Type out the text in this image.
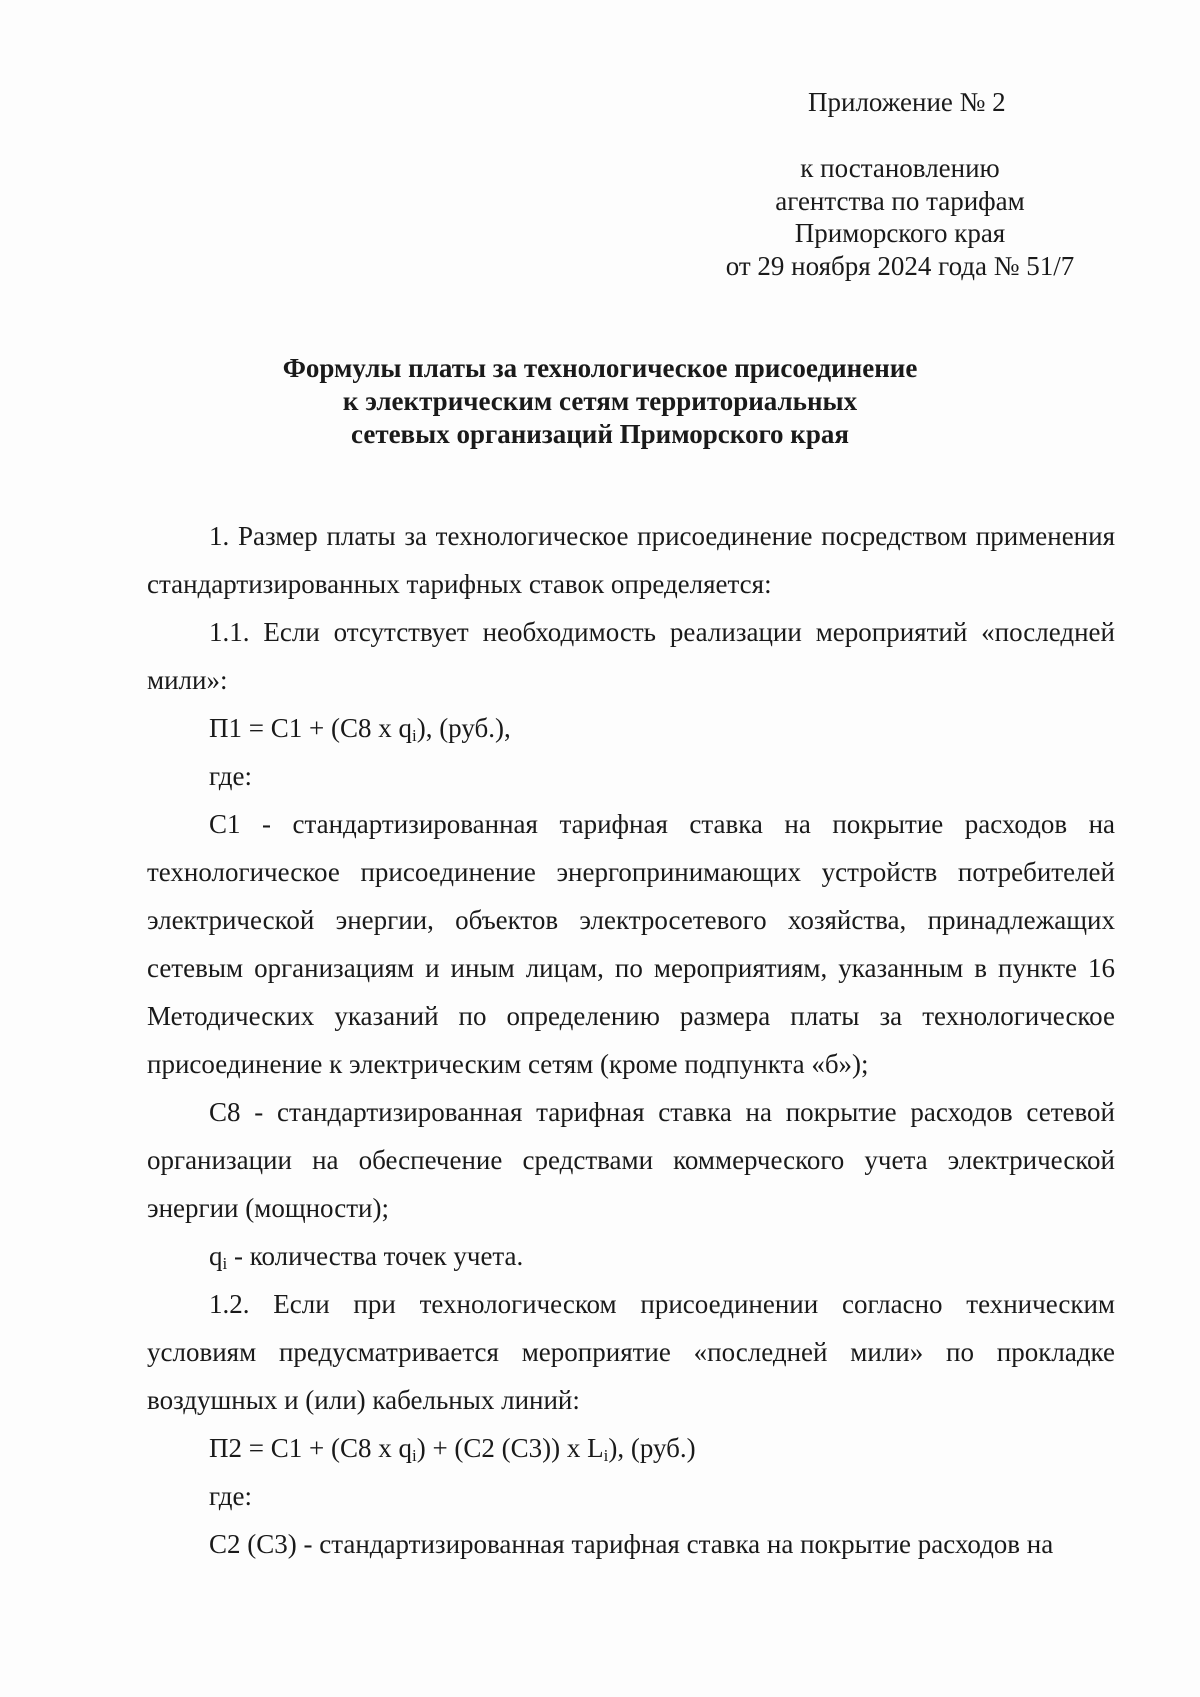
Приложение № 2
к постановлению
агентства по тарифам
Приморского края
от 29 ноября 2024 года № 51/7
Формулы платы за технологическое присоединение
к электрическим сетям территориальных
сетевых организаций Приморского края

1. Размер платы за технологическое присоединение посредством применения стандартизированных тарифных ставок определяется:

1.1. Если отсутствует необходимость реализации мероприятий «последней мили»:

П1 = С1 + (С8 х $q_i$), (руб.),

где:

С1 - стандартизированная тарифная ставка на покрытие расходов на технологическое присоединение энергопринимающих устройств потребителей электрической энергии, объектов электросетевого хозяйства, принадлежащих сетевым организациям и иным лицам, по мероприятиям, указанным в пункте 16 Методических указаний по определению размера платы за технологическое присоединение к электрическим сетям (кроме подпункта «б»);

С8 - стандартизированная тарифная ставка на покрытие расходов сетевой организации на обеспечение средствами коммерческого учета электрической энергии (мощности);

$q_i$ - количества точек учета.

1.2. Если при технологическом присоединении согласно техническим условиям предусматривается мероприятие «последней мили» по прокладке воздушных и (или) кабельных линий:

П2 = С1 + (С8 х $q_i) + (С2$ (С3)) х $L_i$), (руб.)

где:

С2 (С3) - стандартизированная тарифная ставка на покрытие расходов на
